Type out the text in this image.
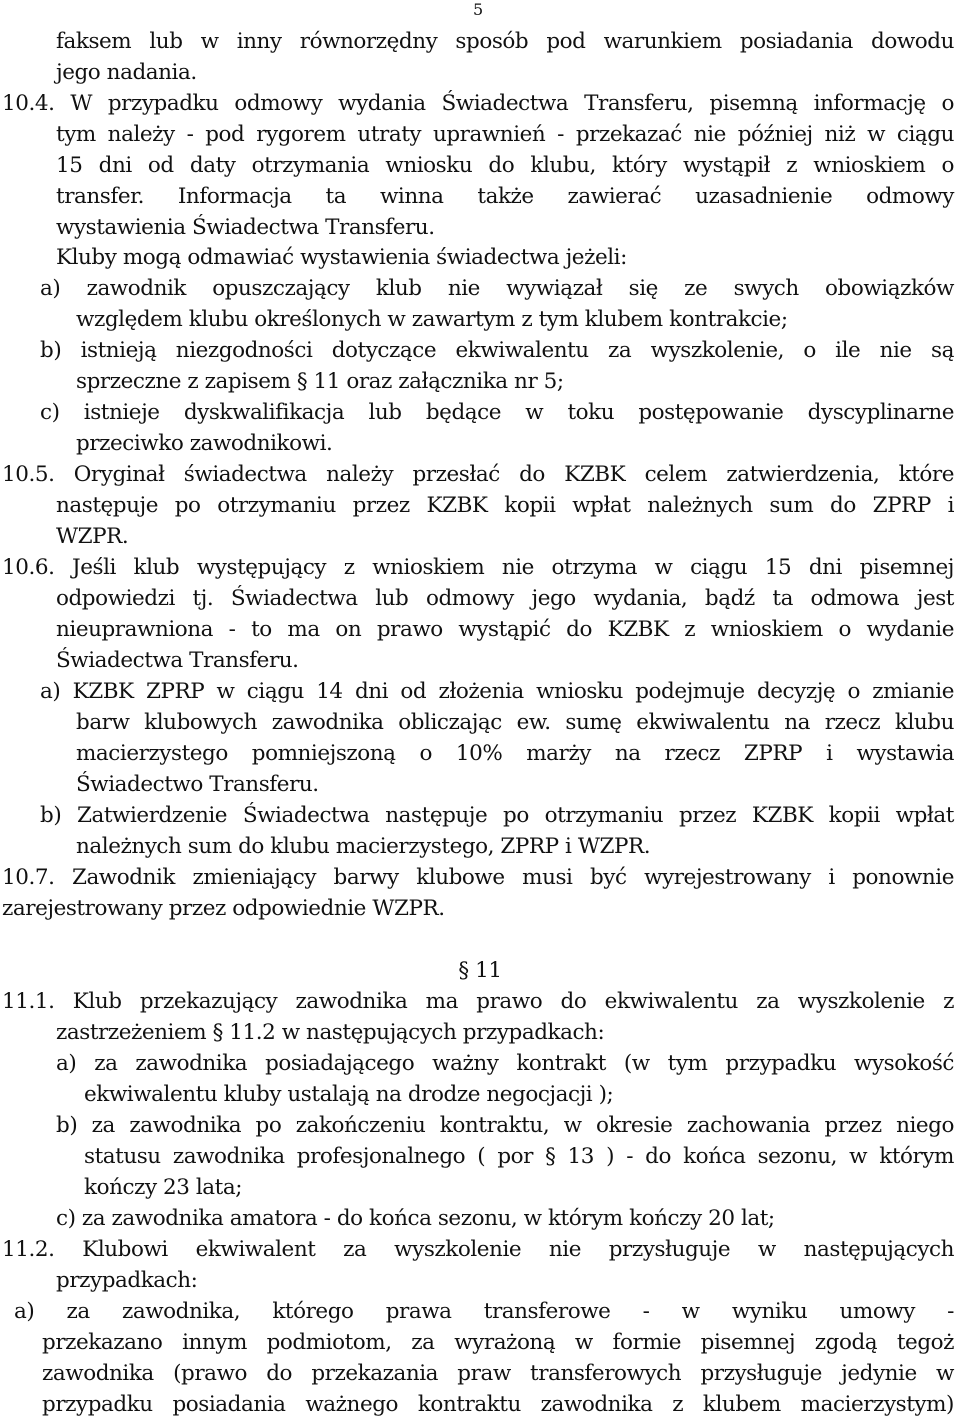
5
faksem lub w inny równorzędny sposób pod warunkiem posiadania dowodu
jego nadania.
10.4. W przypadku odmowy wydania Świadectwa Transferu, pisemną informację o
tym należy - pod rygorem utraty uprawnień - przekazać nie później niż w ciągu
15 dni od daty otrzymania wniosku do klubu, który wystąpił z wnioskiem o
transfer. Informacja ta winna także zawierać uzasadnienie odmowy
wystawienia Świadectwa Transferu.
Kluby mogą odmawiać wystawienia świadectwa jeżeli:
a) zawodnik opuszczający klub nie wywiązał się ze swych obowiązków
względem klubu określonych w zawartym z tym klubem kontrakcie;
b) istnieją niezgodności dotyczące ekwiwalentu za wyszkolenie, o ile nie są
sprzeczne z zapisem § 11 oraz załącznika nr 5;
c) istnieje dyskwalifikacja lub będące w toku postępowanie dyscyplinarne
przeciwko zawodnikowi.
10.5. Oryginał świadectwa należy przesłać do KZBK celem zatwierdzenia, które
następuje po otrzymaniu przez KZBK kopii wpłat należnych sum do ZPRP i
WZPR.
10.6. Jeśli klub występujący z wnioskiem nie otrzyma w ciągu 15 dni pisemnej
odpowiedzi tj. Świadectwa lub odmowy jego wydania, bądź ta odmowa jest
nieuprawniona - to ma on prawo wystąpić do KZBK z wnioskiem o wydanie
Świadectwa Transferu.
a) KZBK ZPRP w ciągu 14 dni od złożenia wniosku podejmuje decyzję o zmianie
barw klubowych zawodnika obliczając ew. sumę ekwiwalentu na rzecz klubu
macierzystego pomniejszoną o 10% marży na rzecz ZPRP i wystawia
Świadectwo Transferu.
b) Zatwierdzenie Świadectwa następuje po otrzymaniu przez KZBK kopii wpłat
należnych sum do klubu macierzystego, ZPRP i WZPR.
10.7. Zawodnik zmieniający barwy klubowe musi być wyrejestrowany i ponownie
zarejestrowany przez odpowiednie WZPR.
§ 11
11.1. Klub przekazujący zawodnika ma prawo do ekwiwalentu za wyszkolenie z
zastrzeżeniem § 11.2 w następujących przypadkach:
a) za zawodnika posiadającego ważny kontrakt (w tym przypadku wysokość
ekwiwalentu kluby ustalają na drodze negocjacji );
b) za zawodnika po zakończeniu kontraktu, w okresie zachowania przez niego
statusu zawodnika profesjonalnego ( por § 13 ) - do końca sezonu, w którym
kończy 23 lata;
c) za zawodnika amatora - do końca sezonu, w którym kończy 20 lat;
11.2. Klubowi ekwiwalent za wyszkolenie nie przysługuje w następujących
przypadkach:
a) za zawodnika, którego prawa transferowe - w wyniku umowy -
przekazano innym podmiotom, za wyrażoną w formie pisemnej zgodą tegoż
zawodnika (prawo do przekazania praw transferowych przysługuje jedynie w
przypadku posiadania ważnego kontraktu zawodnika z klubem macierzystym)
